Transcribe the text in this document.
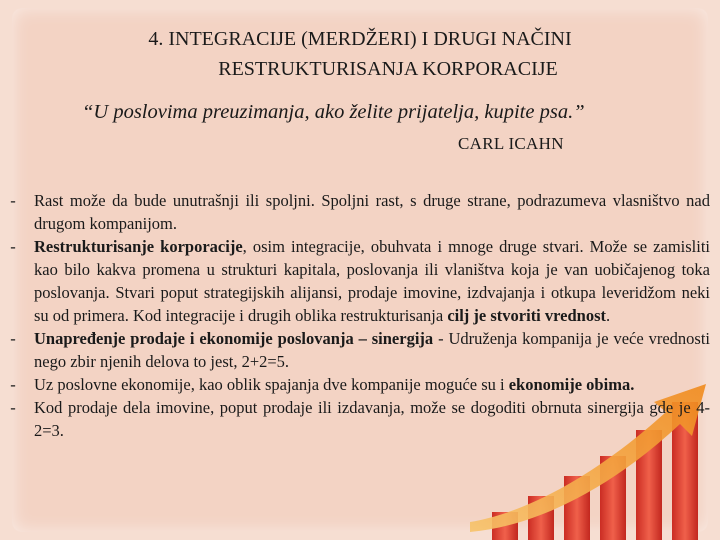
4. INTEGRACIJE (MERDŽERI) I DRUGI NAČINI
RESTRUKTURISANJA KORPORACIJE
“U poslovima preuzimanja, ako želite prijatelja, kupite psa.”
CARL ICAHN
- Rast može da bude unutrašnji ili spoljni. Spoljni rast, s druge strane, podrazumeva vlasništvo nad drugom kompanijom.
- Restrukturisanje korporacije, osim integracije, obuhvata i mnoge druge stvari. Može se zamisliti kao bilo kakva promena u strukturi kapitala, poslovanja ili vlaništva koja je van uobičajenog toka poslovanja. Stvari poput strategijskih alijansi, prodaje imovine, izdvajanja i otkupa leveridžom neki su od primera. Kod integracije i drugih oblika restrukturisanja cilj je stvoriti vrednost.
- Unapređenje prodaje i ekonomije poslovanja – sinergija - Udruženja kompanija je veće vrednosti nego zbir njenih delova to jest, 2+2=5.
- Uz poslovne ekonomije, kao oblik spajanja dve kompanije moguće su i ekonomije obima.
- Kod prodaje dela imovine, poput prodaje ili izdavanja, može se dogoditi obrnuta sinergija gde je 4-2=3.
